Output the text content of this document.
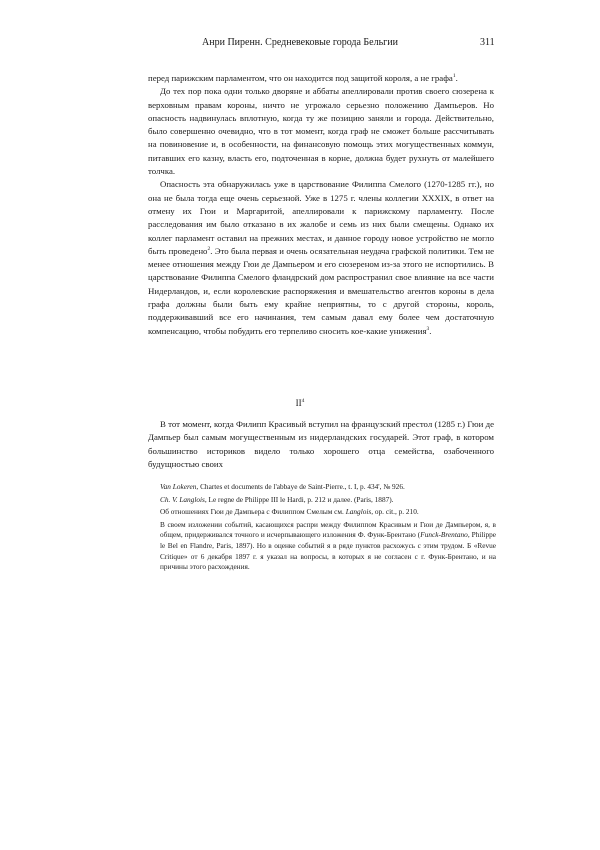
Анри Пиренн. Средневековые города Бельгии	311

перед парижским парламентом, что он находится под защитой короля, а не графа$^1$.

До тех пор пока одни только дворяне и аббаты апеллировали против своего сюзерена к верховным правам короны, ничто не угрожало серьезно положению Дампьеров. Но опасность надвинулась вплотную, когда ту же позицию заняли и города. Действительно, было совершенно очевидно, что в тот момент, когда граф не сможет больше рассчитывать на повиновение и, в особенности, на финансовую помощь этих могущественных коммун, питавших его казну, власть его, подточенная в корне, должна будет рухнуть от малейшего толчка.

Опасность эта обнаружилась уже в царствование Филиппа Смелого (1270-1285 гг.), но она не была тогда еще очень серьезной. Уже в 1275 г. члены коллегии XXXIX, в ответ на отмену их Гюи и Маргаритой, апеллировали к парижскому парламенту. После расследования им было отказано в их жалобе и семь из них были смещены. Однако их коллег парламент оставил на прежних местах, и данное городу новое устройство не могло быть проведено$^2$. Это была первая и очень осязательная неудача графской политики. Тем не менее отношения между Гюи де Дампьером и его сюзереном из-за этого не испортились. В царствование Филиппа Смелого фландрский дом распространил свое влияние на все части Нидерландов, и, если королевские распоряжения и вмешательство агентов короны в дела графа должны были быть ему крайне неприятны, то с другой стороны, король, поддерживавший все его начинания, тем самым давал ему более чем достаточную компенсацию, чтобы побудить его терпеливо сносить кое-какие унижения$^3$.

$II^4$

В тот момент, когда Филипп Красивый вступил на французский престол (1285 г.) Гюи де Дампьер был самым могущественным из нидерландских государей. Этот граф, в котором большинство историков видело только хорошего отца семейства, озабоченного будущностью своих

Van Lokeren, Chartes et documents de l'abbaye de Saint-Pierre., t. I, p. 434', № 926.

Ch. V. Langlois, Le regne de Philippe III le Hardi, p. 212 и далее. (Paris, 1887).

Об отношениях Гюи де Дампьера с Филиппом Смелым см. Langlois, op. cit., p. 210.

В своем изложении событий, касающихся распри между Филиппом Красивым и Гюи де Дампьером, я, в общем, придерживался точного и исчерпывающего изложения Ф. Функ-Брентано (Funck-Brentano, Philippe le Bel en Flandre, Paris, 1897). Но в оценке событий я в ряде пунктов расхожусь с этим трудом. Б «Revue Critique» от 6 декабря 1897 г. я указал на вопросы, в которых я не согласен с г. Функ-Брентано, и на причины этого расхождения.
